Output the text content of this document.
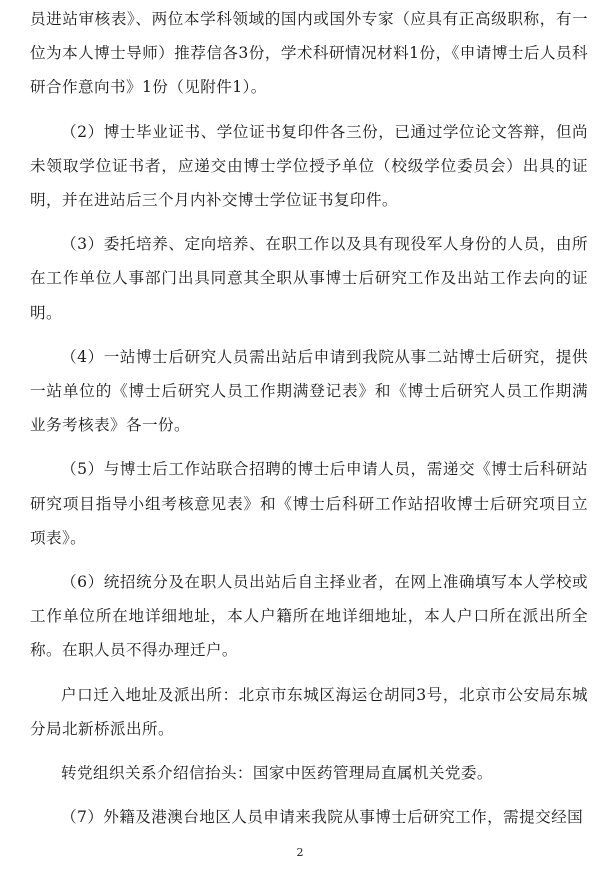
员进站审核表》、两位本学科领域的国内或国外专家（应具有正高级职称，有一位为本人博士导师）推荐信各3份，学术科研情况材料1份，《申请博士后人员科研合作意向书》1份（见附件1）。

（2）博士毕业证书、学位证书复印件各三份，已通过学位论文答辩，但尚未领取学位证书者，应递交由博士学位授予单位（校级学位委员会）出具的证明，并在进站后三个月内补交博士学位证书复印件。

（3）委托培养、定向培养、在职工作以及具有现役军人身份的人员，由所在工作单位人事部门出具同意其全职从事博士后研究工作及出站工作去向的证明。

（4）一站博士后研究人员需出站后申请到我院从事二站博士后研究，提供一站单位的《博士后研究人员工作期满登记表》和《博士后研究人员工作期满业务考核表》各一份。

（5）与博士后工作站联合招聘的博士后申请人员，需递交《博士后科研站研究项目指导小组考核意见表》和《博士后科研工作站招收博士后研究项目立项表》。

（6）统招统分及在职人员出站后自主择业者，在网上准确填写本人学校或工作单位所在地详细地址，本人户籍所在地详细地址，本人户口所在派出所全称。在职人员不得办理迁户。

户口迁入地址及派出所：北京市东城区海运仓胡同3号，北京市公安局东城分局北新桥派出所。

转党组织关系介绍信抬头：国家中医药管理局直属机关党委。

（7）外籍及港澳台地区人员申请来我院从事博士后研究工作，需提交经国

2
